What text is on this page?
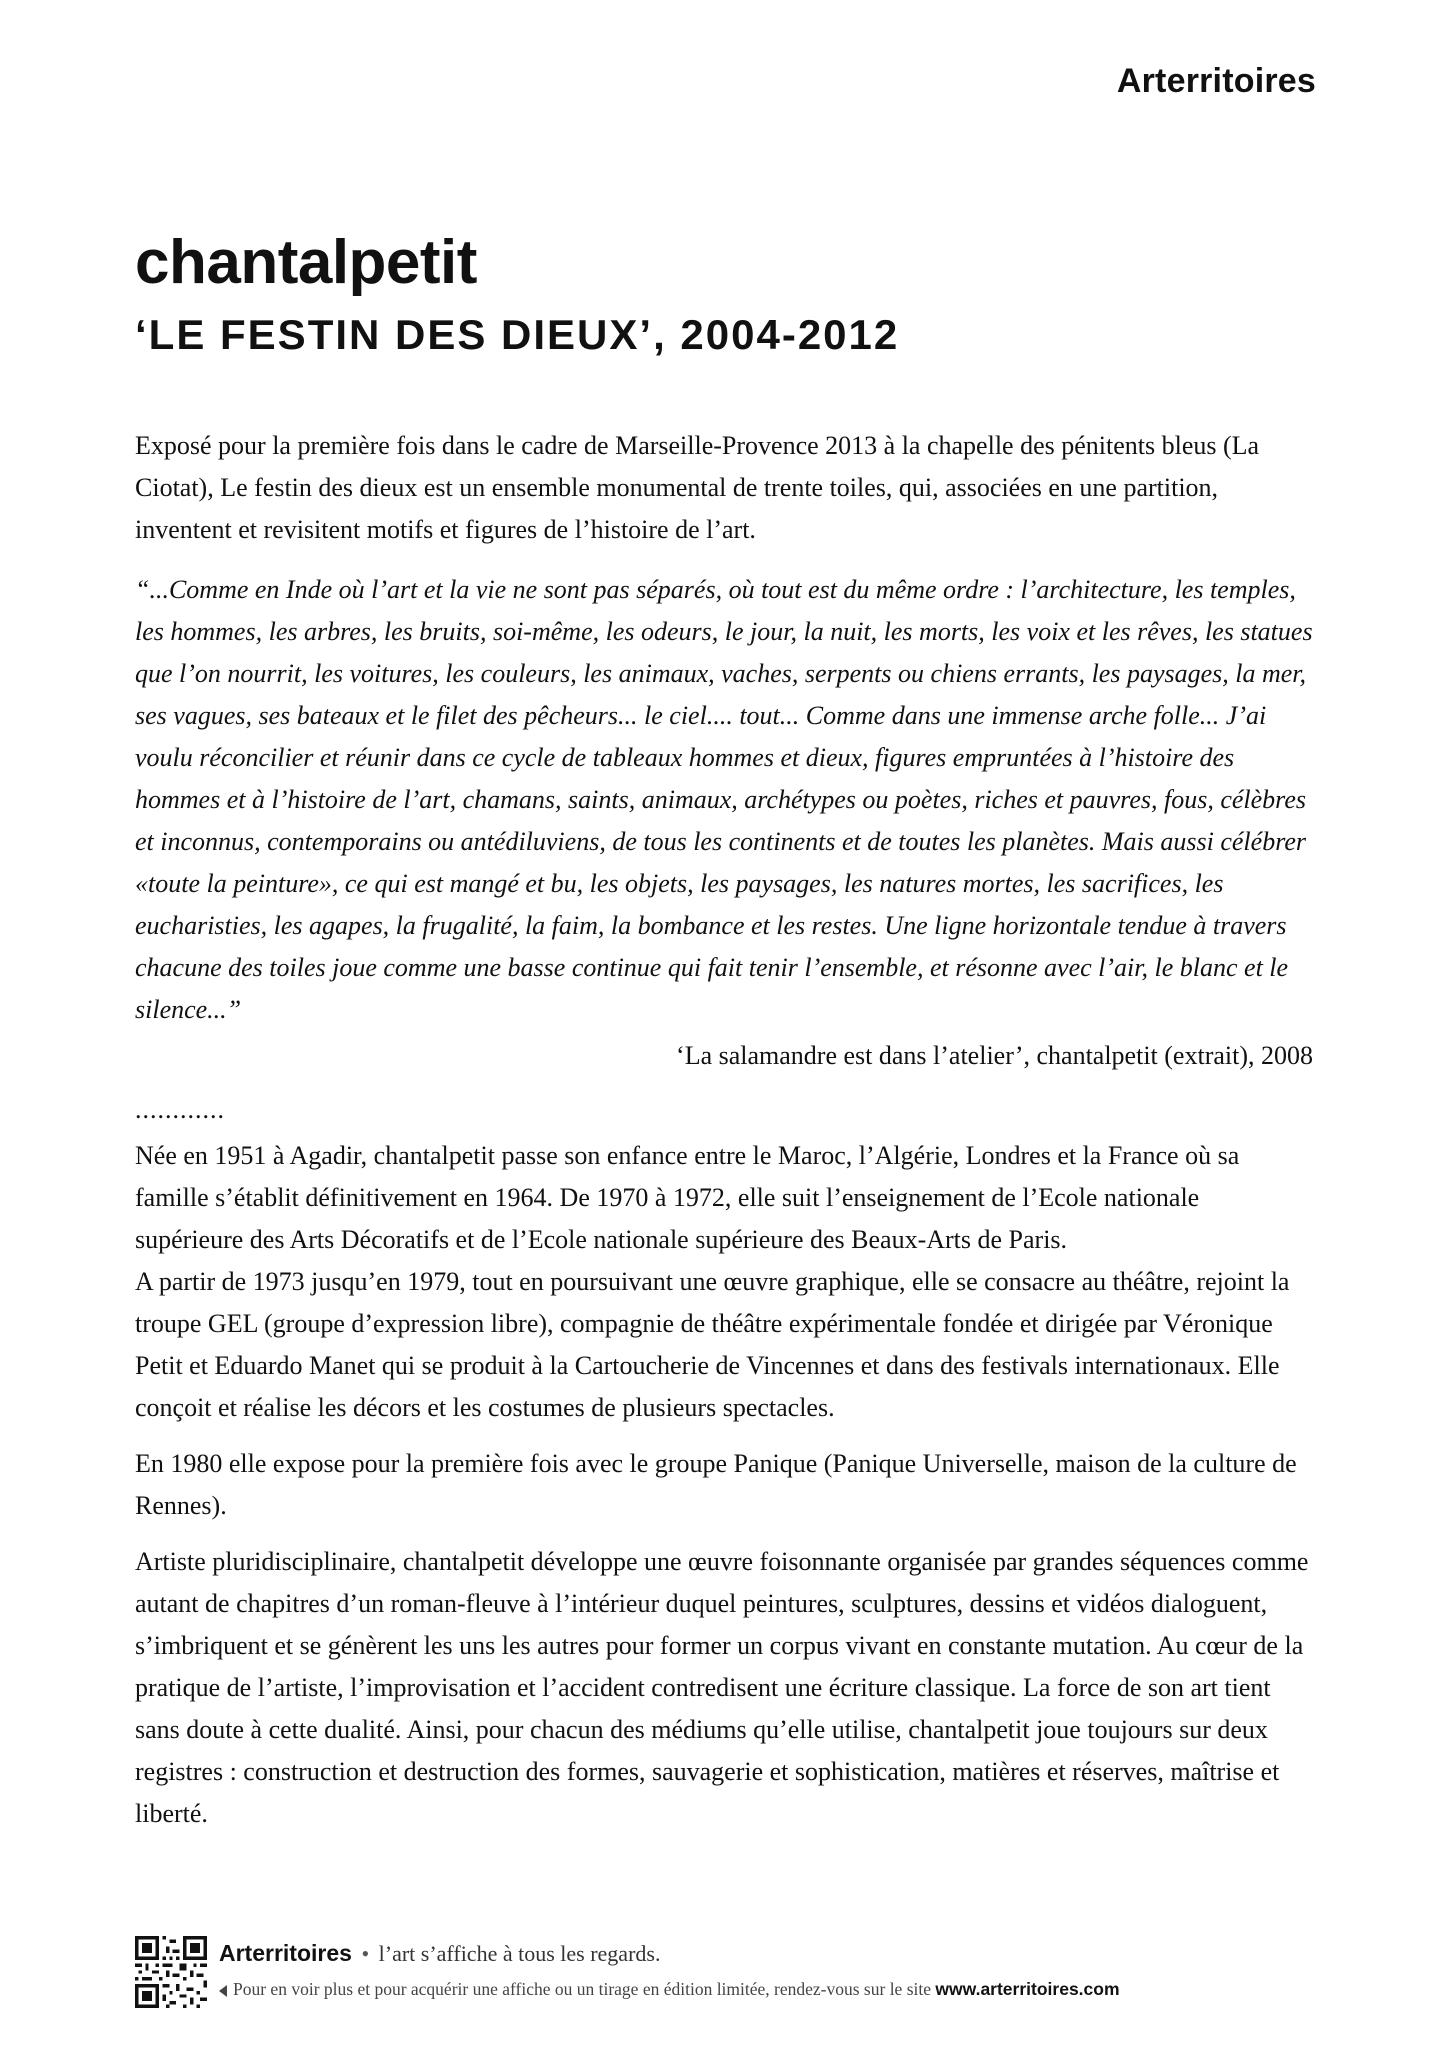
Arterritoires
chantalpetit
‘LE FESTIN DES DIEUX’, 2004-2012

Exposé pour la première fois dans le cadre de Marseille-Provence 2013 à la chapelle des pénitents bleus (La Ciotat), Le festin des dieux est un ensemble monumental de trente toiles, qui, associées en une partition, inventent et revisitent motifs et figures de l’histoire de l’art.

“...Comme en Inde où l’art et la vie ne sont pas séparés, où tout est du même ordre : l’architecture, les temples, les hommes, les arbres, les bruits, soi-même, les odeurs, le jour, la nuit, les morts, les voix et les rêves, les statues que l’on nourrit, les voitures, les couleurs, les animaux, vaches, serpents ou chiens errants, les paysages, la mer, ses vagues, ses bateaux et le filet des pêcheurs... le ciel.... tout... Comme dans une immense arche folle... J’ai voulu réconcilier et réunir dans ce cycle de tableaux hommes et dieux, figures empruntées à l’histoire des hommes et à l’histoire de l’art, chamans, saints, animaux, archétypes ou poètes, riches et pauvres, fous, célèbres et inconnus, contemporains ou antédiluviens, de tous les continents et de toutes les planètes. Mais aussi célébrer «toute la peinture», ce qui est mangé et bu, les objets, les paysages, les natures mortes, les sacrifices, les eucharisties, les agapes, la frugalité, la faim, la bombance et les restes. Une ligne horizontale tendue à travers chacune des toiles joue comme une basse continue qui fait tenir l’ensemble, et résonne avec l’air, le blanc et le silence...”

‘La salamandre est dans l’atelier’, chantalpetit (extrait), 2008

............

Née en 1951 à Agadir, chantalpetit passe son enfance entre le Maroc, l’Algérie, Londres et la France où sa famille s’établit définitivement en 1964. De 1970 à 1972, elle suit l’enseignement de l’Ecole nationale supérieure des Arts Décoratifs et de l’Ecole nationale supérieure des Beaux-Arts de Paris.

A partir de 1973 jusqu’en 1979, tout en poursuivant une œuvre graphique, elle se consacre au théâtre, rejoint la troupe GEL (groupe d’expression libre), compagnie de théâtre expérimentale fondée et dirigée par Véronique Petit et Eduardo Manet qui se produit à la Cartoucherie de Vincennes et dans des festivals internationaux. Elle conçoit et réalise les décors et les costumes de plusieurs spectacles.

En 1980 elle expose pour la première fois avec le groupe Panique (Panique Universelle, maison de la culture de Rennes).

Artiste pluridisciplinaire, chantalpetit développe une œuvre foisonnante organisée par grandes séquences comme autant de chapitres d’un roman-fleuve à l’intérieur duquel peintures, sculptures, dessins et vidéos dialoguent, s’imbriquent et se génèrent les uns les autres pour former un corpus vivant en constante mutation. Au cœur de la pratique de l’artiste, l’improvisation et l’accident contredisent une écriture classique. La force de son art tient sans doute à cette dualité. Ainsi, pour chacun des médiums qu’elle utilise, chantalpetit joue toujours sur deux registres : construction et destruction des formes, sauvagerie et sophistication, matières et réserves, maîtrise et liberté.

Arterritoires • l’art s’affiche à tous les regards.
Pour en voir plus et pour acquérir une affiche ou un tirage en édition limitée, rendez-vous sur le site www.arterritoires.com
